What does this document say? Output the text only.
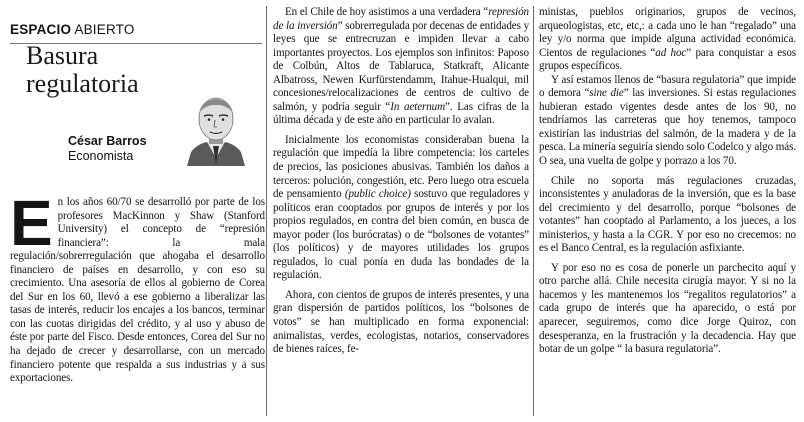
ESPACIO ABIERTO
Basura
regulatoria
César Barros
Economista

En los años 60/70 se desarrolló por parte de los profesores MacKinnon y Shaw (Stanford University) el concepto de “represión financiera”: la mala regulación/sobrerregulación que ahogaba el desarrollo financiero de países en desarrollo, y con eso su crecimiento. Una asesoría de ellos al gobierno de Corea del Sur en los 60, llevó a ese gobierno a liberalizar las tasas de interés, reducir los encajes a los bancos, terminar con las cuotas dirigidas del crédito, y al uso y abuso de éste por parte del Fisco. Desde entonces, Corea del Sur no ha dejado de crecer y desarrollarse, con un mercado financiero potente que respalda a sus industrias y a sus exportaciones.

En el Chile de hoy asistimos a una verdadera “represión de la inversión” sobrerregulada por decenas de entidades y leyes que se entrecruzan e impiden llevar a cabo importantes proyectos. Los ejemplos son infinitos: Paposo de Colbún, Altos de Tablaruca, Statkraft, Alicante Albatross, Newen Kurfürstendamm, Itahue-Hualqui, mil concesiones/relocalizaciones de centros de cultivo de salmón, y podría seguir “In aeternum”. Las cifras de la última década y de este año en particular lo avalan.

Inicialmente los economistas consideraban buena la regulación que impedía la libre competencia: los carteles de precios, las posiciones abusivas. También los daños a terceros: polución, congestión, etc. Pero luego otra escuela de pensamiento (public choice) sostuvo que reguladores y políticos eran cooptados por grupos de interés y por los propios regulados, en contra del bien común, en busca de mayor poder (los burócratas) o de “bolsones de votantes” (los políticos) y de mayores utilidades los grupos regulados, lo cual ponía en duda las bondades de la regulación.

Ahora, con cientos de grupos de interés presentes, y una gran dispersión de partidos políticos, los “bolsones de votos” se han multiplicado en forma exponencial: animalistas, verdes, ecologistas, notarios, conservadores de bienes raíces, fe-

ministas, pueblos originarios, grupos de vecinos, arqueologistas, etc, etc,: a cada uno le han “regalado” una ley y/o norma que impide alguna actividad económica. Cientos de regulaciones “ad hoc” para conquistar a esos grupos específicos.

Y así estamos llenos de “basura regulatoria” que impide o demora “sine die” las inversiones. Si estas regulaciones hubieran estado vigentes desde antes de los 90, no tendríamos las carreteras que hoy tenemos, tampoco existirían las industrias del salmón, de la madera y de la pesca. La minería seguiría siendo solo Codelco y algo más. O sea, una vuelta de golpe y porrazo a los 70.

Chile no soporta más regulaciones cruzadas, inconsistentes y anuladoras de la inversión, que es la base del crecimiento y del desarrollo, porque “bolsones de votantes” han cooptado al Parlamento, a los jueces, a los ministerios, y hasta a la CGR. Y por eso no crecemos: no es el Banco Central, es la regulación asfixiante.

Y por eso no es cosa de ponerle un parchecito aquí y otro parche allá. Chile necesita cirugía mayor. Y si no la hacemos y les mantenemos los “regalitos regulatorios” a cada grupo de interés que ha aparecido, o está por aparecer, seguiremos, como dice Jorge Quiroz, con desesperanza, en la frustración y la decadencia. Hay que botar de un golpe “ la basura regulatoria”.
